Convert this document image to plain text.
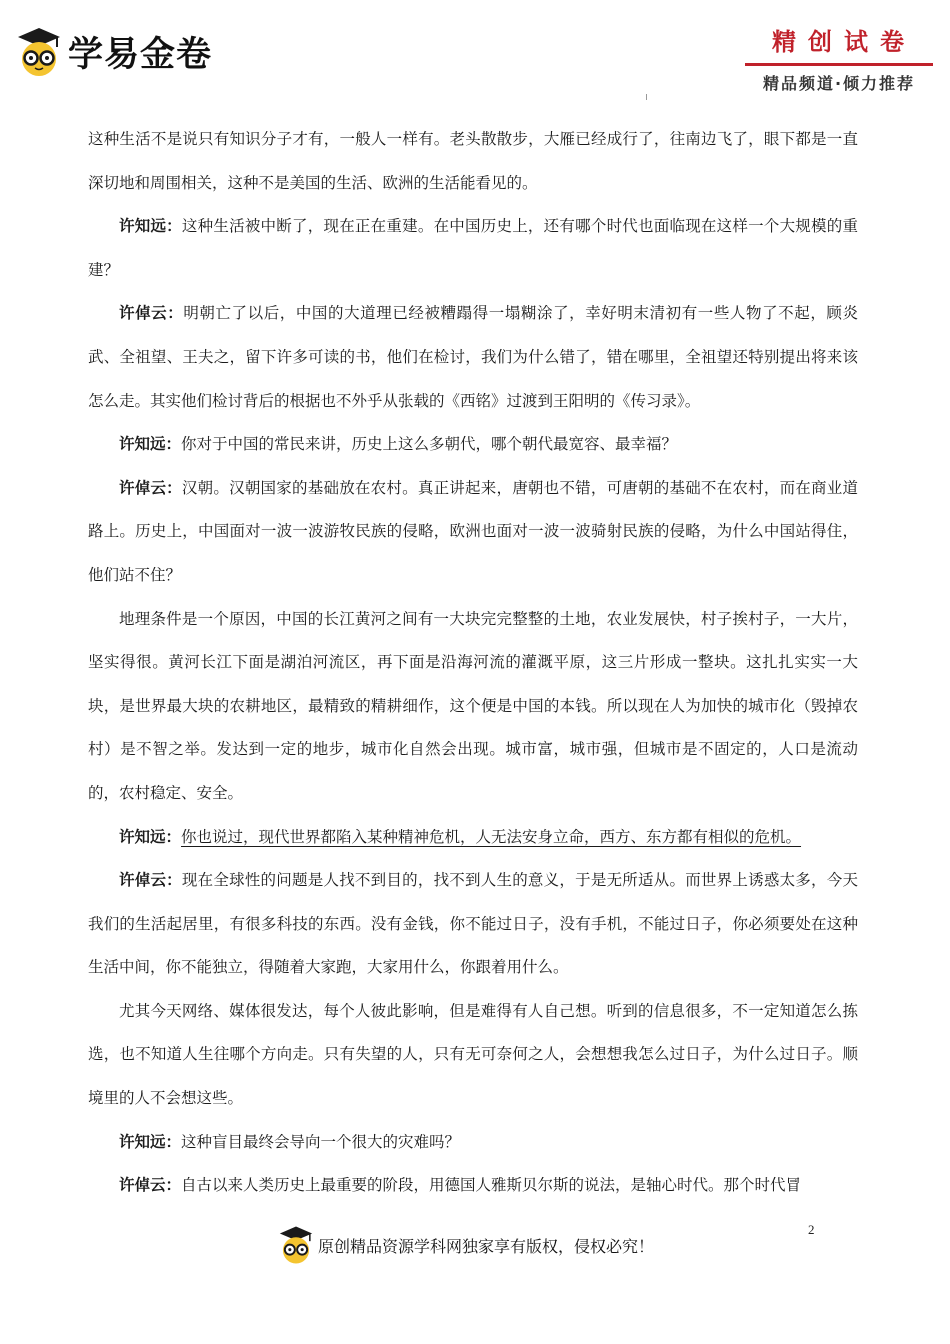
学易金卷	精创试卷
精品频道·倾力推荐

这种生活不是说只有知识分子才有，一般人一样有。老头散散步，大雁已经成行了，往南边飞了，眼下都是一直深切地和周围相关，这种不是美国的生活、欧洲的生活能看见的。

许知远：这种生活被中断了，现在正在重建。在中国历史上，还有哪个时代也面临现在这样一个大规模的重建？

许倬云：明朝亡了以后，中国的大道理已经被糟蹋得一塌糊涂了，幸好明末清初有一些人物了不起，顾炎武、全祖望、王夫之，留下许多可读的书，他们在检讨，我们为什么错了，错在哪里，全祖望还特别提出将来该怎么走。其实他们检讨背后的根据也不外乎从张载的《西铭》过渡到王阳明的《传习录》。

许知远：你对于中国的常民来讲，历史上这么多朝代，哪个朝代最宽容、最幸福？

许倬云：汉朝。汉朝国家的基础放在农村。真正讲起来，唐朝也不错，可唐朝的基础不在农村，而在商业道路上。历史上，中国面对一波一波游牧民族的侵略，欧洲也面对一波一波骑射民族的侵略，为什么中国站得住，他们站不住？

地理条件是一个原因，中国的长江黄河之间有一大块完完整整的土地，农业发展快，村子挨村子，一大片，坚实得很。黄河长江下面是湖泊河流区，再下面是沿海河流的灌溉平原，这三片形成一整块。这扎扎实实一大块，是世界最大块的农耕地区，最精致的精耕细作，这个便是中国的本钱。所以现在人为加快的城市化（毁掉农村）是不智之举。发达到一定的地步，城市化自然会出现。城市富，城市强，但城市是不固定的，人口是流动的，农村稳定、安全。

许知远：你也说过，现代世界都陷入某种精神危机，人无法安身立命，西方、东方都有相似的危机。

许倬云：现在全球性的问题是人找不到目的，找不到人生的意义，于是无所适从。而世界上诱惑太多，今天我们的生活起居里，有很多科技的东西。没有金钱，你不能过日子，没有手机，不能过日子，你必须要处在这种生活中间，你不能独立，得随着大家跑，大家用什么，你跟着用什么。

尤其今天网络、媒体很发达，每个人彼此影响，但是难得有人自己想。听到的信息很多，不一定知道怎么拣选，也不知道人生往哪个方向走。只有失望的人，只有无可奈何之人，会想想我怎么过日子，为什么过日子。顺境里的人不会想这些。

许知远：这种盲目最终会导向一个很大的灾难吗？

许倬云：自古以来人类历史上最重要的阶段，用德国人雅斯贝尔斯的说法，是轴心时代。那个时代冒

2
原创精品资源学科网独家享有版权，侵权必究！
